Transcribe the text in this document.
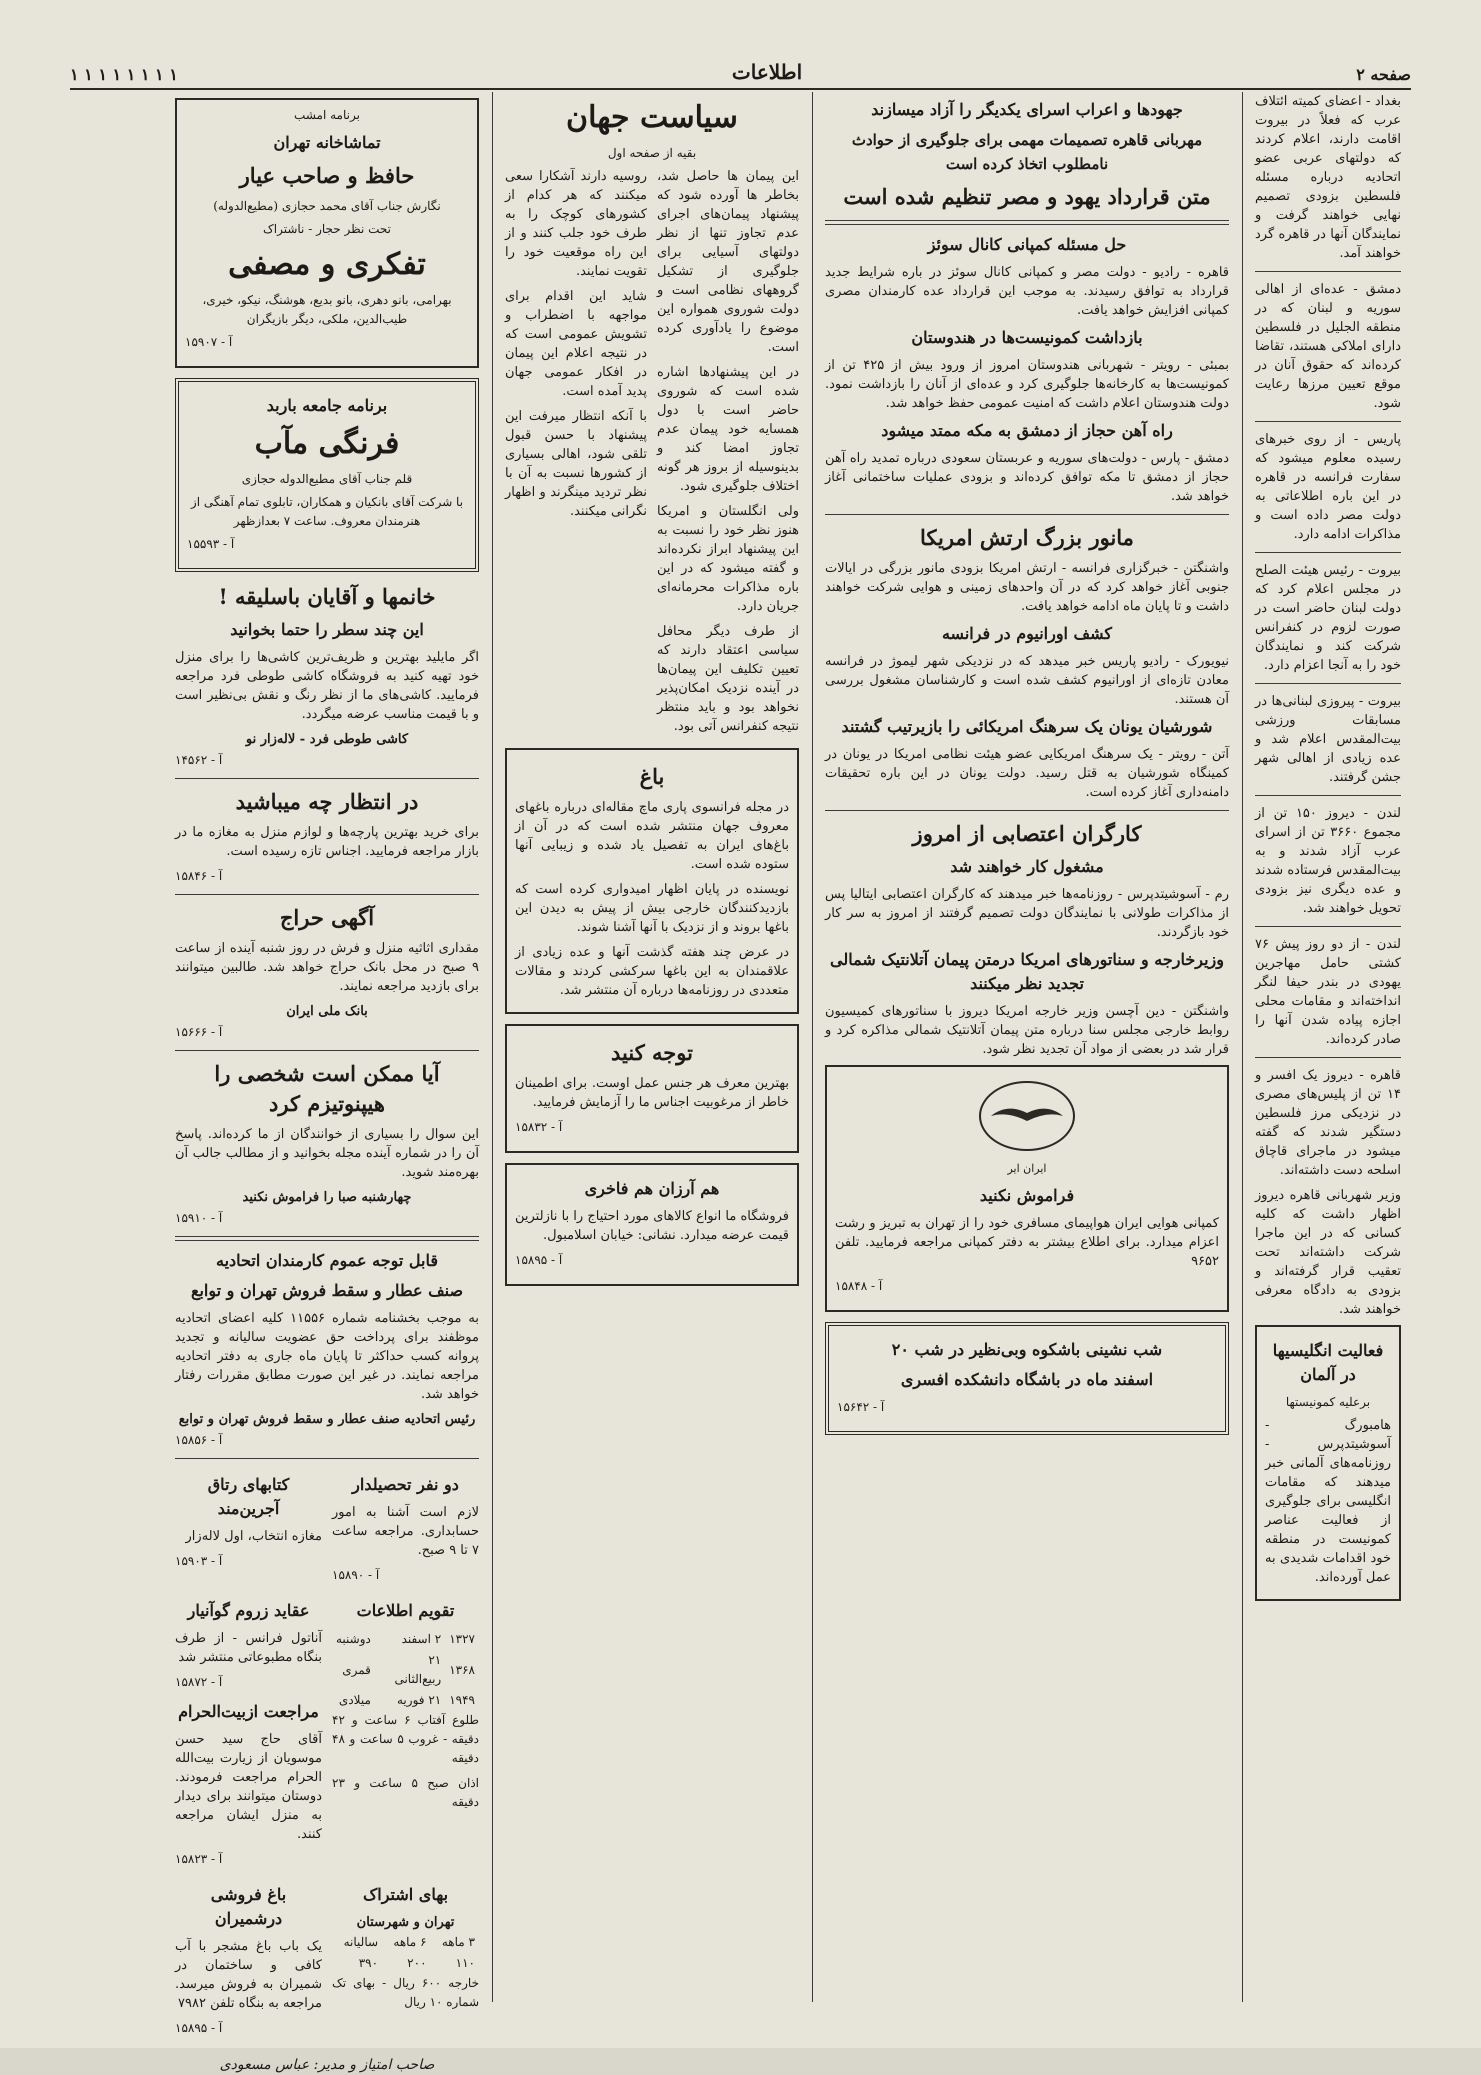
صفحه ۲
اطلاعات
۱ ۱ ۱ ۱ ۱ ۱ ۱ ۱

بغداد - اعضای کمیته ائتلاف عرب که فعلاً در بیروت اقامت دارند، اعلام کردند که دولتهای عربی عضو اتحادیه درباره مسئله فلسطین بزودی تصمیم نهایی خواهند گرفت و نمایندگان آنها در قاهره گرد خواهند آمد.

دمشق - عده‌ای از اهالی سوریه و لبنان که در منطقه الجلیل در فلسطین دارای املاکی هستند، تقاضا کرده‌اند که حقوق آنان در موقع تعیین مرزها رعایت شود.

پاریس - از روی خبرهای رسیده معلوم میشود که سفارت فرانسه در قاهره در این باره اطلاعاتی به دولت مصر داده است و مذاکرات ادامه دارد.

بیروت - رئیس هیئت الصلح در مجلس اعلام کرد که دولت لبنان حاضر است در صورت لزوم در کنفرانس شرکت کند و نمایندگان خود را به آنجا اعزام دارد.

بیروت - پیروزی لبنانی‌ها در مسابقات ورزشی بیت‌المقدس اعلام شد و عده زیادی از اهالی شهر جشن گرفتند.

لندن - دیروز ۱۵۰ تن از مجموع ۳۶۶۰ تن از اسرای عرب آزاد شدند و به بیت‌المقدس فرستاده شدند و عده دیگری نیز بزودی تحویل خواهند شد.

لندن - از دو روز پیش ۷۶ کشتی حامل مهاجرین یهودی در بندر حیفا لنگر انداخته‌اند و مقامات محلی اجازه پیاده شدن آنها را صادر کرده‌اند.

قاهره - دیروز یک افسر و ۱۴ تن از پلیس‌های مصری در نزدیکی مرز فلسطین دستگیر شدند که گفته میشود در ماجرای قاچاق اسلحه دست داشته‌اند.

وزیر شهربانی قاهره دیروز اظهار داشت که کلیه کسانی که در این ماجرا شرکت داشته‌اند تحت تعقیب قرار گرفته‌اند و بزودی به دادگاه معرفی خواهند شد.

فعالیت انگلیسیها در آلمان
برعلیه کمونیستها

هامبورگ - آسوشیتدپرس - روزنامه‌های آلمانی خبر میدهند که مقامات انگلیسی برای جلوگیری از فعالیت عناصر کمونیست در منطقه خود اقدامات شدیدی به عمل آورده‌اند.

جهودها و اعراب اسرای یکدیگر را آزاد میسازند
مهربانی قاهره تصمیمات مهمی برای جلوگیری از حوادث نامطلوب اتخاذ کرده است
متن قرارداد یهود و مصر تنظیم شده است
حل مسئله کمپانی کانال سوئز

قاهره - رادیو - دولت مصر و کمپانی کانال سوئز در باره شرایط جدید قرارداد به توافق رسیدند. به موجب این قرارداد عده کارمندان مصری کمپانی افزایش خواهد یافت.

بازداشت کمونیست‌ها در هندوستان

بمبئی - رویتر - شهربانی هندوستان امروز از ورود بیش از ۴۲۵ تن از کمونیست‌ها به کارخانه‌ها جلوگیری کرد و عده‌ای از آنان را بازداشت نمود. دولت هندوستان اعلام داشت که امنیت عمومی حفظ خواهد شد.

راه آهن حجاز از دمشق به مکه ممتد میشود

دمشق - پارس - دولت‌های سوریه و عربستان سعودی درباره تمدید راه آهن حجاز از دمشق تا مکه توافق کرده‌اند و بزودی عملیات ساختمانی آغاز خواهد شد.

مانور بزرگ ارتش امریکا

واشنگتن - خبرگزاری فرانسه - ارتش امریکا بزودی مانور بزرگی در ایالات جنوبی آغاز خواهد کرد که در آن واحدهای زمینی و هوایی شرکت خواهند داشت و تا پایان ماه ادامه خواهد یافت.

کشف اورانیوم در فرانسه

نیویورک - رادیو پاریس خبر میدهد که در نزدیکی شهر لیموژ در فرانسه معادن تازه‌ای از اورانیوم کشف شده است و کارشناسان مشغول بررسی آن هستند.

شورشیان یونان یک سرهنگ امریکائی را بازیرتیب گشتند

آتن - رویتر - یک سرهنگ امریکایی عضو هیئت نظامی امریکا در یونان در کمینگاه شورشیان به قتل رسید. دولت یونان در این باره تحقیقات دامنه‌داری آغاز کرده است.

کارگران اعتصابی از امروز
مشغول کار خواهند شد

رم - آسوشیتدپرس - روزنامه‌ها خبر میدهند که کارگران اعتصابی ایتالیا پس از مذاکرات طولانی با نمایندگان دولت تصمیم گرفتند از امروز به سر کار خود بازگردند.

وزیرخارجه و سناتورهای امریکا درمتن پیمان آتلانتیک شمالی تجدید نظر میکنند

واشنگتن - دین آچسن وزیر خارجه امریکا دیروز با سناتورهای کمیسیون روابط خارجی مجلس سنا درباره متن پیمان آتلانتیک شمالی مذاکره کرد و قرار شد در بعضی از مواد آن تجدید نظر شود.

ایران ایر
فراموش نکنید

کمپانی هوایی ایران هواپیمای مسافری خود را از تهران به تبریز و رشت اعزام میدارد. برای اطلاع بیشتر به دفتر کمپانی مراجعه فرمایید. تلفن ۹۶۵۲

آ - ۱۵۸۴۸
شب نشینی باشکوه وبی‌نظیر در شب ۲۰
اسفند ماه در باشگاه دانشکده افسری
آ - ۱۵۶۴۲
سیاست جهان
بقیه از صفحه اول

این پیمان ها حاصل شد، بخاطر ها آورده شود که پیشنهاد پیمان‌های اجرای عدم تجاوز تنها از نظر دولتهای آسیایی برای جلوگیری از تشکیل گروههای نظامی است و دولت شوروی همواره این موضوع را یادآوری کرده است.

در این پیشنهادها اشاره شده است که شوروی حاضر است با دول همسایه خود پیمان عدم تجاوز امضا کند و بدینوسیله از بروز هر گونه اختلاف جلوگیری شود.

ولی انگلستان و امریکا هنوز نظر خود را نسبت به این پیشنهاد ابراز نکرده‌اند و گفته میشود که در این باره مذاکرات محرمانه‌ای جریان دارد.

از طرف دیگر محافل سیاسی اعتقاد دارند که تعیین تکلیف این پیمان‌ها در آینده نزدیک امکان‌پذیر نخواهد بود و باید منتظر نتیجه کنفرانس آتی بود.

روسیه دارند آشکارا سعی میکنند که هر کدام از کشورهای کوچک را به طرف خود جلب کنند و از این راه موقعیت خود را تقویت نمایند.

شاید این اقدام برای مواجهه با اضطراب و تشویش عمومی است که در نتیجه اعلام این پیمان در افکار عمومی جهان پدید آمده است.

با آنکه انتظار میرفت این پیشنهاد با حسن قبول تلقی شود، اهالی بسیاری از کشورها نسبت به آن با نظر تردید مینگرند و اظهار نگرانی میکنند.

باغ

در مجله فرانسوی پاری ماچ مقاله‌ای درباره باغهای معروف جهان منتشر شده است که در آن از باغ‌های ایران به تفصیل یاد شده و زیبایی آنها ستوده شده است.

نویسنده در پایان اظهار امیدواری کرده است که بازدیدکنندگان خارجی بیش از پیش به دیدن این باغها بروند و از نزدیک با آنها آشنا شوند.

در عرض چند هفته گذشت آنها و عده زیادی از علاقمندان به این باغها سرکشی کردند و مقالات متعددی در روزنامه‌ها درباره آن منتشر شد.

توجه کنید

بهترین معرف هر جنس عمل اوست. برای اطمینان خاطر از مرغوبیت اجناس ما را آزمایش فرمایید.

آ - ۱۵۸۳۲
هم آرزان هم فاخری

فروشگاه ما انواع کالاهای مورد احتیاج را با نازلترین قیمت عرضه میدارد. نشانی: خیابان اسلامبول.

آ - ۱۵۸۹۵
برنامه امشب
تماشاخانه تهران
حافظ و صاحب عیار
نگارش جناب آقای محمد حجازی (مطیع‌الدوله)
تحت نظر حجار - ناشتراک
تفکری و مصفی
بهرامی، بانو دهری، بانو بدیع، هوشنگ، نیکو، خیری، طیب‌الدین، ملکی، دیگر بازیگران
آ - ۱۵۹۰۷
برنامه جامعه باربد
فرنگی مآب
قلم جناب آقای مطیع‌الدوله حجازی
با شرکت آقای بانکیان و همکاران، تابلوی تمام آهنگی از هنرمندان معروف. ساعت ۷ بعدازظهر
آ - ۱۵۵۹۳
خانمها و آقایان باسلیقه !
این چند سطر را حتما بخوانید

اگر مایلید بهترین و ظریف‌ترین کاشی‌ها را برای منزل خود تهیه کنید به فروشگاه کاشی طوطی فرد مراجعه فرمایید. کاشی‌های ما از نظر رنگ و نقش بی‌نظیر است و با قیمت مناسب عرضه میگردد.

کاشی طوطی فرد - لاله‌زار نو
آ - ۱۴۵۶۲
در انتظار چه میباشید

برای خرید بهترین پارچه‌ها و لوازم منزل به مغازه ما در بازار مراجعه فرمایید. اجناس تازه رسیده است.

آ - ۱۵۸۴۶
آگهی حراج

مقداری اثاثیه منزل و فرش در روز شنبه آینده از ساعت ۹ صبح در محل بانک حراج خواهد شد. طالبین میتوانند برای بازدید مراجعه نمایند.

بانک ملی ایران
آ - ۱۵۶۶۶
آیا ممکن است شخصی را هیپنوتیزم کرد

این سوال را بسیاری از خوانندگان از ما کرده‌اند. پاسخ آن را در شماره آینده مجله بخوانید و از مطالب جالب آن بهره‌مند شوید.

چهارشنبه صبا را فراموش نکنید
آ - ۱۵۹۱۰
قابل توجه عموم کارمندان اتحادیه
صنف عطار و سقط فروش تهران و توابع

به موجب بخشنامه شماره ۱۱۵۵۶ کلیه اعضای اتحادیه موظفند برای پرداخت حق عضویت سالیانه و تجدید پروانه کسب حداکثر تا پایان ماه جاری به دفتر اتحادیه مراجعه نمایند. در غیر این صورت مطابق مقررات رفتار خواهد شد.

رئیس اتحادیه صنف عطار و سقط فروش تهران و توابع
آ - ۱۵۸۵۶
دو نفر تحصیلدار

لازم است آشنا به امور حسابداری. مراجعه ساعت ۷ تا ۹ صبح.

آ - ۱۵۸۹۰
کتابهای رتاق آجرین‌مند

مغازه انتخاب، اول لاله‌زار

آ - ۱۵۹۰۳
تقویم اطلاعات
۱۳۲۷	۲ اسفند	دوشنبه
۱۳۶۸	۲۱ ربیع‌الثانی	قمری
۱۹۴۹	۲۱ فوریه	میلادی

طلوع آفتاب ۶ ساعت و ۴۲ دقیقه - غروب ۵ ساعت و ۴۸ دقیقه

اذان صبح ۵ ساعت و ۲۳ دقیقه

عقاید زروم گوآنیار

آناتول فرانس - از طرف بنگاه مطبوعاتی منتشر شد

آ - ۱۵۸۷۲
مراجعت ازبیت‌الحرام

آقای حاج سید حسن موسویان از زیارت بیت‌الله الحرام مراجعت فرمودند. دوستان میتوانند برای دیدار به منزل ایشان مراجعه کنند.

آ - ۱۵۸۲۳
بهای اشتراک
تهران و شهرستان
۳ ماهه	۶ ماهه	سالیانه
۱۱۰	۲۰۰	۳۹۰

خارجه ۶۰۰ ریال - بهای تک شماره ۱۰ ریال

باغ فروشی درشمیران

یک باب باغ مشجر با آب کافی و ساختمان در شمیران به فروش میرسد. مراجعه به بنگاه تلفن ۷۹۸۲

آ - ۱۵۸۹۵
صاحب امتیاز و مدیر: عباس مسعودی
